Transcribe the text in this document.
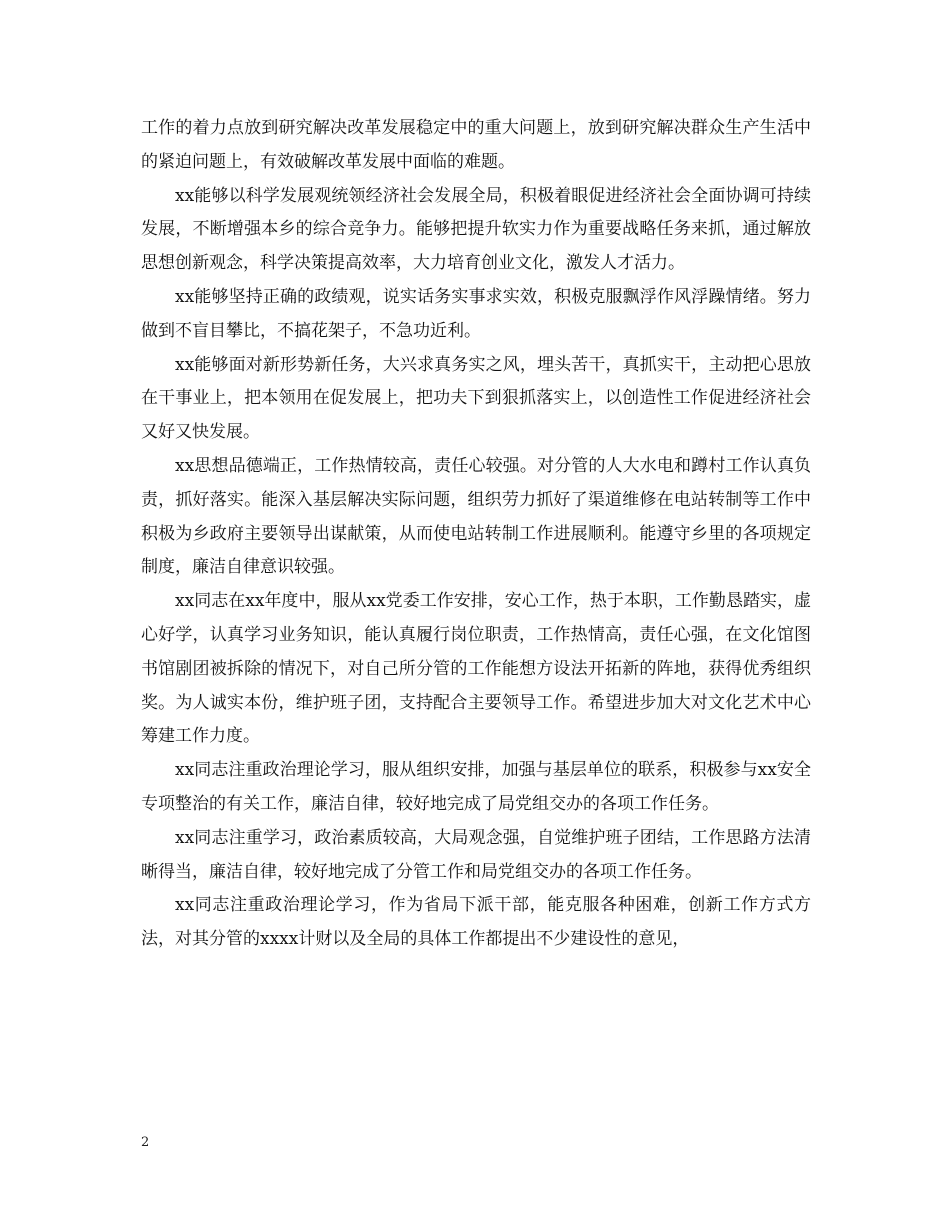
工作的着力点放到研究解决改革发展稳定中的重大问题上，放到研究解决群众生产生活中的紧迫问题上，有效破解改革发展中面临的难题。

xx能够以科学发展观统领经济社会发展全局，积极着眼促进经济社会全面协调可持续发展，不断增强本乡的综合竞争力。能够把提升软实力作为重要战略任务来抓，通过解放思想创新观念，科学决策提高效率，大力培育创业文化，激发人才活力。

xx能够坚持正确的政绩观，说实话务实事求实效，积极克服飘浮作风浮躁情绪。努力做到不盲目攀比，不搞花架子，不急功近利。

xx能够面对新形势新任务，大兴求真务实之风，埋头苦干，真抓实干，主动把心思放在干事业上，把本领用在促发展上，把功夫下到狠抓落实上，以创造性工作促进经济社会又好又快发展。

xx思想品德端正，工作热情较高，责任心较强。对分管的人大水电和蹲村工作认真负责，抓好落实。能深入基层解决实际问题，组织劳力抓好了渠道维修在电站转制等工作中积极为乡政府主要领导出谋献策，从而使电站转制工作进展顺利。能遵守乡里的各项规定制度，廉洁自律意识较强。

xx同志在xx年度中，服从xx党委工作安排，安心工作，热于本职，工作勤恳踏实，虚心好学，认真学习业务知识，能认真履行岗位职责，工作热情高，责任心强，在文化馆图书馆剧团被拆除的情况下，对自己所分管的工作能想方设法开拓新的阵地，获得优秀组织奖。为人诚实本份，维护班子团，支持配合主要领导工作。希望进步加大对文化艺术中心筹建工作力度。

xx同志注重政治理论学习，服从组织安排，加强与基层单位的联系，积极参与xx安全专项整治的有关工作，廉洁自律，较好地完成了局党组交办的各项工作任务。

xx同志注重学习，政治素质较高，大局观念强，自觉维护班子团结，工作思路方法清晰得当，廉洁自律，较好地完成了分管工作和局党组交办的各项工作任务。

xx同志注重政治理论学习，作为省局下派干部，能克服各种困难，创新工作方式方法，对其分管的xxxx计财以及全局的具体工作都提出不少建设性的意见，

2
